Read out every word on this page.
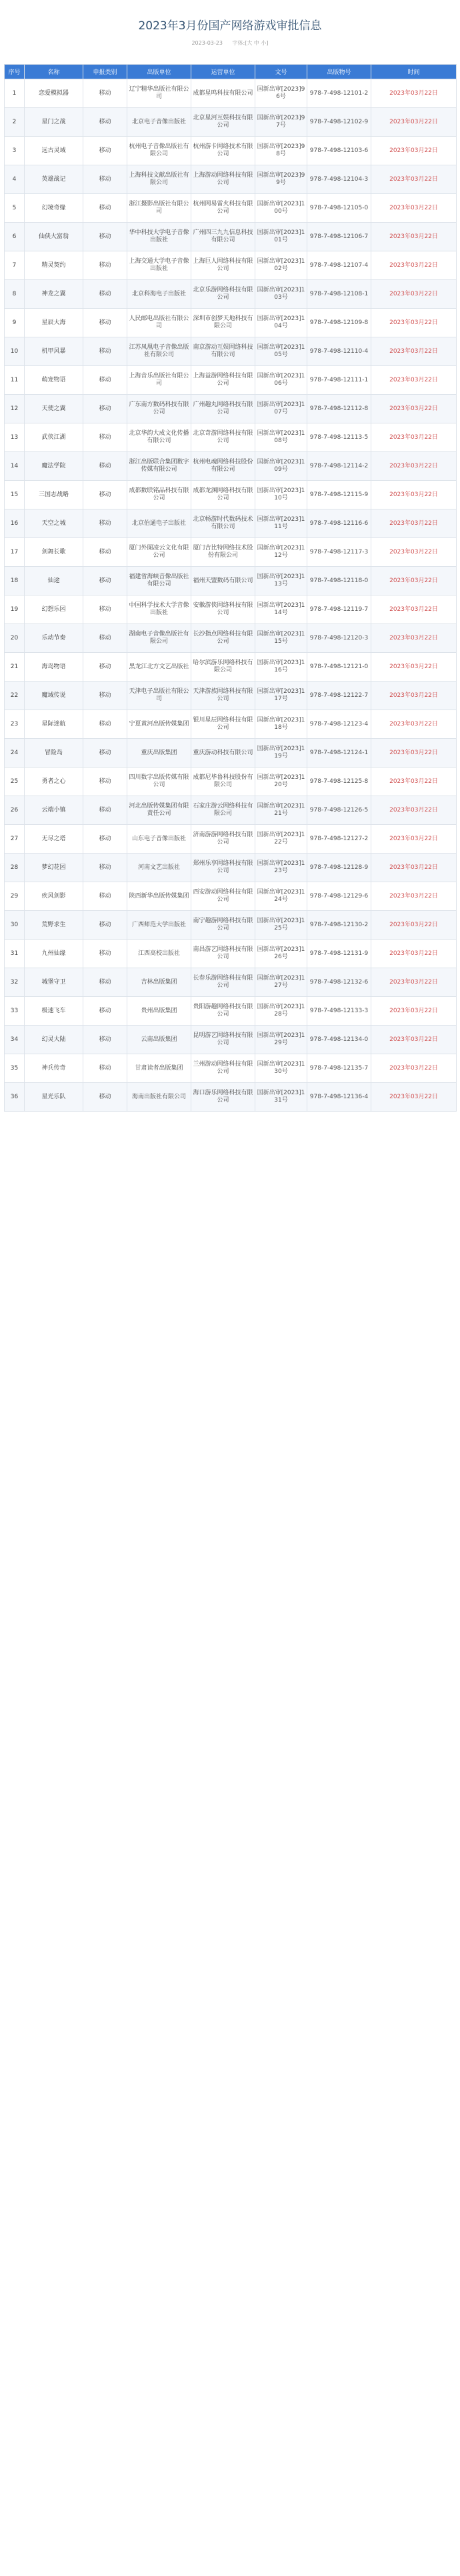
2023年3月份国产网络游戏审批信息
2023-03-23 字体:[大 中 小]
序号	名称	申报类别	出版单位	运营单位	文号	出版物号	时间
1	恋爱模拟器	移动	辽宁精华出版社有限公司	成都星鸣科技有限公司	国新出审[2023]96号	978-7-498-12101-2	2023年03月22日
2	星门之战	移动	北京电子音像出版社	北京星河互娱科技有限公司	国新出审[2023]97号	978-7-498-12102-9	2023年03月22日
3	远古灵域	移动	杭州电子音像出版社有限公司	杭州游卡网络技术有限公司	国新出审[2023]98号	978-7-498-12103-6	2023年03月22日
4	英雄战记	移动	上海科技文献出版社有限公司	上海游动网络科技有限公司	国新出审[2023]99号	978-7-498-12104-3	2023年03月22日
5	幻境奇缘	移动	浙江摄影出版社有限公司	杭州网易雷火科技有限公司	国新出审[2023]100号	978-7-498-12105-0	2023年03月22日
6	仙侠大富翁	移动	华中科技大学电子音像出版社	广州四三九九信息科技有限公司	国新出审[2023]101号	978-7-498-12106-7	2023年03月22日
7	精灵契约	移动	上海交通大学电子音像出版社	上海巨人网络科技有限公司	国新出审[2023]102号	978-7-498-12107-4	2023年03月22日
8	神龙之翼	移动	北京科海电子出版社	北京乐游网络科技有限公司	国新出审[2023]103号	978-7-498-12108-1	2023年03月22日
9	星辰大海	移动	人民邮电出版社有限公司	深圳市创梦天地科技有限公司	国新出审[2023]104号	978-7-498-12109-8	2023年03月22日
10	机甲风暴	移动	江苏凤凰电子音像出版社有限公司	南京游动互娱网络科技有限公司	国新出审[2023]105号	978-7-498-12110-4	2023年03月22日
11	萌宠物语	移动	上海音乐出版社有限公司	上海益游网络科技有限公司	国新出审[2023]106号	978-7-498-12111-1	2023年03月22日
12	天使之翼	移动	广东南方数码科技有限公司	广州趣丸网络科技有限公司	国新出审[2023]107号	978-7-498-12112-8	2023年03月22日
13	武侠江湖	移动	北京华韵大成文化传播有限公司	北京奇游网络科技有限公司	国新出审[2023]108号	978-7-498-12113-5	2023年03月22日
14	魔法学院	移动	浙江出版联合集团数字传媒有限公司	杭州电魂网络科技股份有限公司	国新出审[2023]109号	978-7-498-12114-2	2023年03月22日
15	三国志战略	移动	成都数联铭品科技有限公司	成都龙渊网络科技有限公司	国新出审[2023]110号	978-7-498-12115-9	2023年03月22日
16	天空之城	移动	北京伯通电子出版社	北京畅游时代数码技术有限公司	国新出审[2023]111号	978-7-498-12116-6	2023年03月22日
17	剑舞长歌	移动	厦门外图凌云文化有限公司	厦门吉比特网络技术股份有限公司	国新出审[2023]112号	978-7-498-12117-3	2023年03月22日
18	仙途	移动	福建省海峡音像出版社有限公司	福州天盟数码有限公司	国新出审[2023]113号	978-7-498-12118-0	2023年03月22日
19	幻想乐园	移动	中国科学技术大学音像出版社	安徽游侠网络科技有限公司	国新出审[2023]114号	978-7-498-12119-7	2023年03月22日
20	乐动节奏	移动	湖南电子音像出版社有限公司	长沙指点网络科技有限公司	国新出审[2023]115号	978-7-498-12120-3	2023年03月22日
21	海岛物语	移动	黑龙江北方文艺出版社	哈尔滨游乐网络科技有限公司	国新出审[2023]116号	978-7-498-12121-0	2023年03月22日
22	魔域传说	移动	天津电子出版社有限公司	天津游族网络科技有限公司	国新出审[2023]117号	978-7-498-12122-7	2023年03月22日
23	星际迷航	移动	宁夏黄河出版传媒集团	银川星辰网络科技有限公司	国新出审[2023]118号	978-7-498-12123-4	2023年03月22日
24	冒险岛	移动	重庆出版集团	重庆游动科技有限公司	国新出审[2023]119号	978-7-498-12124-1	2023年03月22日
25	勇者之心	移动	四川数字出版传媒有限公司	成都尼毕鲁科技股份有限公司	国新出审[2023]120号	978-7-498-12125-8	2023年03月22日
26	云端小镇	移动	河北出版传媒集团有限责任公司	石家庄游云网络科技有限公司	国新出审[2023]121号	978-7-498-12126-5	2023年03月22日
27	无尽之塔	移动	山东电子音像出版社	济南游游网络科技有限公司	国新出审[2023]122号	978-7-498-12127-2	2023年03月22日
28	梦幻花园	移动	河南文艺出版社	郑州乐享网络科技有限公司	国新出审[2023]123号	978-7-498-12128-9	2023年03月22日
29	疾风剑影	移动	陕西新华出版传媒集团	西安游动网络科技有限公司	国新出审[2023]124号	978-7-498-12129-6	2023年03月22日
30	荒野求生	移动	广西师范大学出版社	南宁趣游网络科技有限公司	国新出审[2023]125号	978-7-498-12130-2	2023年03月22日
31	九州仙缘	移动	江西高校出版社	南昌游艺网络科技有限公司	国新出审[2023]126号	978-7-498-12131-9	2023年03月22日
32	城堡守卫	移动	吉林出版集团	长春乐游网络科技有限公司	国新出审[2023]127号	978-7-498-12132-6	2023年03月22日
33	极速飞车	移动	贵州出版集团	贵阳游趣网络科技有限公司	国新出审[2023]128号	978-7-498-12133-3	2023年03月22日
34	幻灵大陆	移动	云南出版集团	昆明游艺网络科技有限公司	国新出审[2023]129号	978-7-498-12134-0	2023年03月22日
35	神兵传奇	移动	甘肃读者出版集团	兰州游动网络科技有限公司	国新出审[2023]130号	978-7-498-12135-7	2023年03月22日
36	星光乐队	移动	海南出版社有限公司	海口游乐网络科技有限公司	国新出审[2023]131号	978-7-498-12136-4	2023年03月22日
